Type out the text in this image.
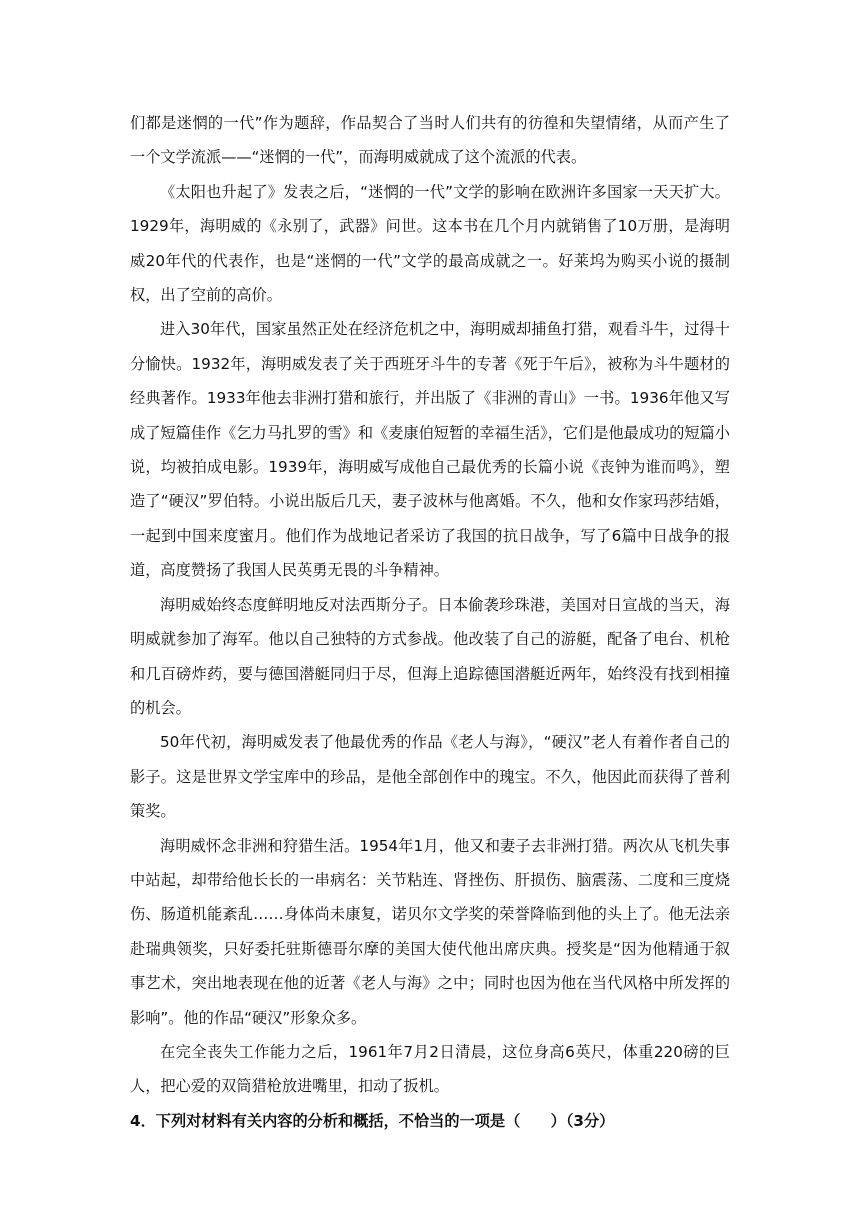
们都是迷惘的一代”作为题辞，作品契合了当时人们共有的彷徨和失望情绪，从而产生了一个文学流派——“迷惘的一代”，而海明威就成了这个流派的代表。

《太阳也升起了》发表之后，“迷惘的一代”文学的影响在欧洲许多国家一天天扩大。1929年，海明威的《永别了，武器》问世。这本书在几个月内就销售了10万册，是海明威20年代的代表作，也是“迷惘的一代”文学的最高成就之一。好莱坞为购买小说的摄制权，出了空前的高价。

进入30年代，国家虽然正处在经济危机之中，海明威却捕鱼打猎，观看斗牛，过得十分愉快。1932年，海明威发表了关于西班牙斗牛的专著《死于午后》，被称为斗牛题材的经典著作。1933年他去非洲打猎和旅行，并出版了《非洲的青山》一书。1936年他又写成了短篇佳作《乞力马扎罗的雪》和《麦康伯短暂的幸福生活》，它们是他最成功的短篇小说，均被拍成电影。1939年，海明威写成他自己最优秀的长篇小说《丧钟为谁而鸣》，塑造了“硬汉”罗伯特。小说出版后几天，妻子波林与他离婚。不久，他和女作家玛莎结婚，一起到中国来度蜜月。他们作为战地记者采访了我国的抗日战争，写了6篇中日战争的报道，高度赞扬了我国人民英勇无畏的斗争精神。

海明威始终态度鲜明地反对法西斯分子。日本偷袭珍珠港，美国对日宣战的当天，海明威就参加了海军。他以自己独特的方式参战。他改装了自己的游艇，配备了电台、机枪和几百磅炸药，要与德国潜艇同归于尽，但海上追踪德国潜艇近两年，始终没有找到相撞的机会。

50年代初，海明威发表了他最优秀的作品《老人与海》，“硬汉”老人有着作者自己的影子。这是世界文学宝库中的珍品，是他全部创作中的瑰宝。不久，他因此而获得了普利策奖。

海明威怀念非洲和狩猎生活。1954年1月，他又和妻子去非洲打猎。两次从飞机失事中站起，却带给他长长的一串病名：关节粘连、肾挫伤、肝损伤、脑震荡、二度和三度烧伤、肠道机能紊乱……身体尚未康复，诺贝尔文学奖的荣誉降临到他的头上了。他无法亲赴瑞典领奖，只好委托驻斯德哥尔摩的美国大使代他出席庆典。授奖是“因为他精通于叙事艺术，突出地表现在他的近著《老人与海》之中；同时也因为他在当代风格中所发挥的影响”。他的作品“硬汉”形象众多。

在完全丧失工作能力之后，1961年7月2日清晨，这位身高6英尺，体重220磅的巨人，把心爱的双筒猎枪放进嘴里，扣动了扳机。

4．下列对材料有关内容的分析和概括，不恰当的一项是（　　）（3分）
